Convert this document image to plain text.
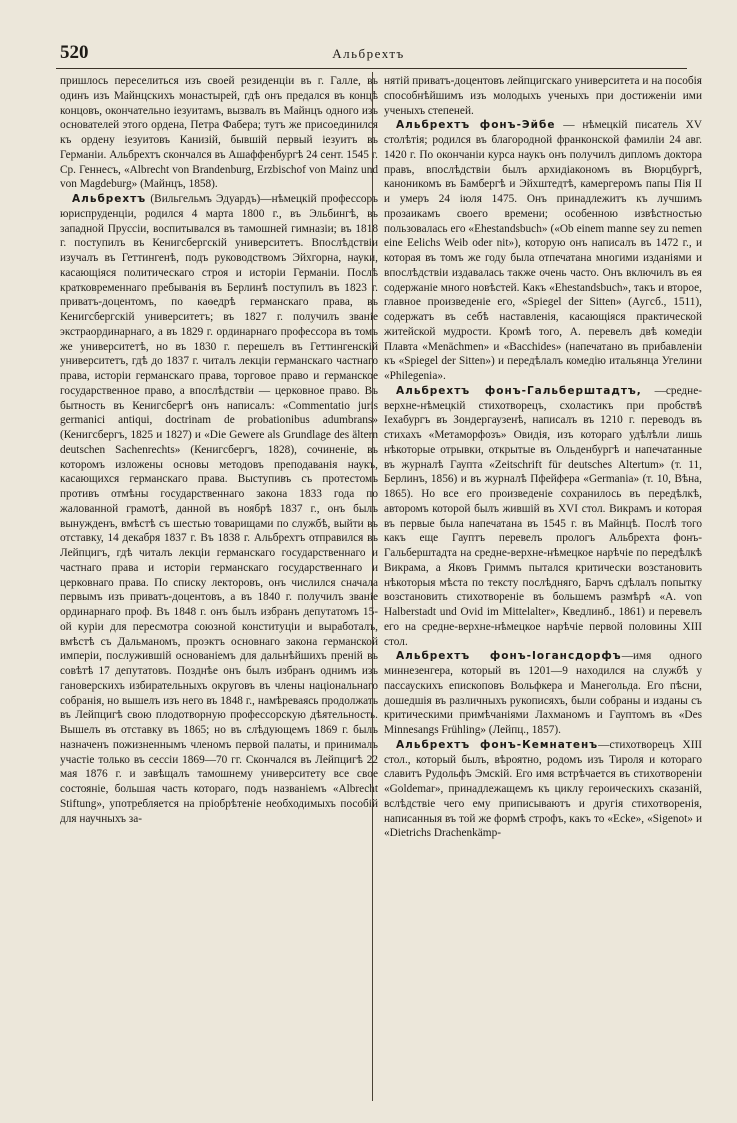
520	Альбрехтъ

пришлось переселиться изъ своей резиденціи въ г. Галле, въ одинъ изъ Майнцскихъ монастырей, гдѣ онъ предался въ концѣ концовъ, окончательно іезуитамъ, вызвалъ въ Майнцъ одного изъ основателей этого ордена, Петра Фабера; тутъ же присоединился къ ордену іезуитовъ Канизій, бывшій первый іезуитъ въ Германіи. Альбрехтъ скончался въ Ашаффенбургѣ 24 сент. 1545 г. Ср. Геннесъ, «Albrecht von Brandenburg, Erzbischof von Mainz und von Magdeburg» (Майнцъ, 1858).

Альбрехтъ (Вильгельмъ Эдуардъ)—нѣмецкій профессоръ юриспруденціи, родился 4 марта 1800 г., въ Эльбингѣ, въ западной Пруссіи, воспитывался въ тамошней гимназіи; въ 1818 г. поступилъ въ Кенигсбергскій университетъ. Впослѣдствіи изучалъ въ Геттингенѣ, подъ руководствомъ Эйхгорна, науки, касающіяся политическаго строя и исторіи Германіи. Послѣ кратковременнаго пребыванія въ Берлинѣ поступилъ въ 1823 г. приватъ-доцентомъ, по каѳедрѣ германскаго права, въ Кенигсбергскій университетъ; въ 1827 г. получилъ званіе экстраординарнаго, а въ 1829 г. ординарнаго профессора въ томъ же университетѣ, но въ 1830 г. перешелъ въ Геттингенскій университетъ, гдѣ до 1837 г. читалъ лекціи германскаго частнаго права, исторіи германскаго права, торговое право и германское государственное право, а впослѣдствіи — церковное право. Въ бытность въ Кенигсбергѣ онъ написалъ: «Commentatio juris germanici antiqui, doctrinam de probationibus adumbrans» (Кенигсбергъ, 1825 и 1827) и «Die Gewere als Grundlage des ältern deutschen Sachenrechts» (Кенигсбергъ, 1828), сочиненіе, въ которомъ изложены основы методовъ преподаванія наукъ, касающихся германскаго права. Выступивъ съ протестомъ противъ отмѣны государственнаго закона 1833 года по жалованной грамотѣ, данной въ ноябрѣ 1837 г., онъ былъ вынужденъ, вмѣстѣ съ шестью товарищами по службѣ, выйти въ отставку, 14 декабря 1837 г. Въ 1838 г. Альбрехтъ отправился въ Лейпцигъ, гдѣ читалъ лекціи германскаго государственнаго и частнаго права и исторіи германскаго государственнаго и церковнаго права. По списку лекторовъ, онъ числился сначала первымъ изъ приватъ-доцентовъ, а въ 1840 г. получилъ званіе ординарнаго проф. Въ 1848 г. онъ былъ избранъ депутатомъ 15-ой куріи для пересмотра союзной конституціи и выработалъ, вмѣстѣ съ Дальманомъ, проэктъ основнаго закона германской имперіи, послужившій основаніемъ для дальнѣйшихъ преній въ совѣтѣ 17 депутатовъ. Позднѣе онъ былъ избранъ однимъ изъ гановерскихъ избирательныхъ округовъ въ члены національнаго собранія, но вышелъ изъ него въ 1848 г., намѣреваясь продолжать въ Лейпцигѣ свою плодотворную профессорскую дѣятельность. Вышелъ въ отставку въ 1865; но въ слѣдующемъ 1869 г. былъ назначенъ пожизненнымъ членомъ первой палаты, и принималъ участіе только въ сессіи 1869—70 гг. Скончался въ Лейпцигѣ 22 мая 1876 г. и завѣщалъ тамошнему университету все свое состояніе, большая часть котораго, подъ названіемъ «Albrecht Stiftung», употребляется на пріобрѣтеніе необходимыхъ пособій для научныхъ за-

нятій приватъ-доцентовъ лейпцигскаго университета и на пособія способнѣйшимъ изъ молодыхъ ученыхъ при достиженіи ими ученыхъ степеней.

Альбрехтъ фонъ-Эйбе — нѣмецкій писатель XV столѣтія; родился въ благородной франконской фамиліи 24 авг. 1420 г. По окончаніи курса наукъ онъ получилъ дипломъ доктора правъ, впослѣдствіи былъ архидіакономъ въ Вюрцбургѣ, каноникомъ въ Бамбергѣ и Эйхштедтѣ, камергеромъ папы Пія II и умеръ 24 іюля 1475. Онъ принадлежитъ къ лучшимъ прозаикамъ своего времени; особенною извѣстностью пользовалась его «Ehestandsbuch» («Ob einem manne sey zu nemen eine Eelichs Weib oder nit»), которую онъ написалъ въ 1472 г., и которая въ томъ же году была отпечатана многими изданіями и впослѣдствіи издавалась также очень часто. Онъ включилъ въ ея содержаніе много новѣстей. Какъ «Ehestandsbuch», такъ и второе, главное произведеніе его, «Spiegel der Sitten» (Аугсб., 1511), содержатъ въ себѣ наставленія, касающіяся практической житейской мудрости. Кромѣ того, А. перевелъ двѣ комедіи Плавта «Menächmen» и «Bacchides» (напечатано въ прибавленіи къ «Spiegel der Sitten») и передѣлалъ комедію итальянца Угелини «Philegenia».

Альбрехтъ фонъ-Гальберштадтъ, —средне-верхне-нѣмецкій стихотворецъ, схоластикъ при пробствѣ Іехабургъ въ Зондергаузенѣ, написалъ въ 1210 г. переводъ въ стихахъ «Метаморфозъ» Овидія, изъ котораго удѣлѣли лишь нѣкоторые отрывки, открытые въ Ольденбургѣ и напечатанные въ журналѣ Гаупта «Zeitschrift für deutsches Altertum» (т. 11, Берлинъ, 1856) и въ журналѣ Пфейфера «Germania» (т. 10, Вѣна, 1865). Но все его произведеніе сохранилось въ передѣлкѣ, авторомъ которой былъ жившій въ XVI стол. Викрамъ и которая въ первые была напечатана въ 1545 г. въ Майнцѣ. Послѣ того какъ еще Гауптъ перевелъ прологъ Альбрехта фонъ-Гальберштадта на средне-верхне-нѣмецкое нарѣчіе по передѣлкѣ Викрама, а Яковъ Гриммъ пытался критически возстановить нѣкоторыя мѣста по тексту послѣдняго, Барчъ сдѣлалъ попытку возстановить стихотвореніе въ большемъ размѣрѣ «A. von Halberstadt und Ovid im Mittelalter», Кведлинб., 1861) и перевелъ его на средне-верхне-нѣмецкое нарѣчіе первой половины XIII стол.

Альбрехтъ фонъ-Іогансдорфъ—имя одного миннезенгера, который въ 1201—9 находился на службѣ у пассаускихъ епископовъ Вольфкера и Манегольда. Его пѣсни, дошедшія въ различныхъ рукописяхъ, были собраны и изданы съ критическими примѣчаніями Лахманомъ и Гауптомъ въ «Des Minnesangs Frühling» (Лейпц., 1857).

Альбрехтъ фонъ-Кемнатенъ—стихотворецъ XIII стол., который былъ, вѣроятно, родомъ изъ Тироля и котораго славитъ Рудольфъ Эмскій. Его имя встрѣчается въ стихотвореніи «Goldemar», принадлежащемъ къ циклу героическихъ сказаній, вслѣдствіе чего ему приписываютъ и другія стихотворенія, написанныя въ той же формѣ строфъ, какъ то «Ecke», «Sigenot» и «Dietrichs Drachenkämp-
